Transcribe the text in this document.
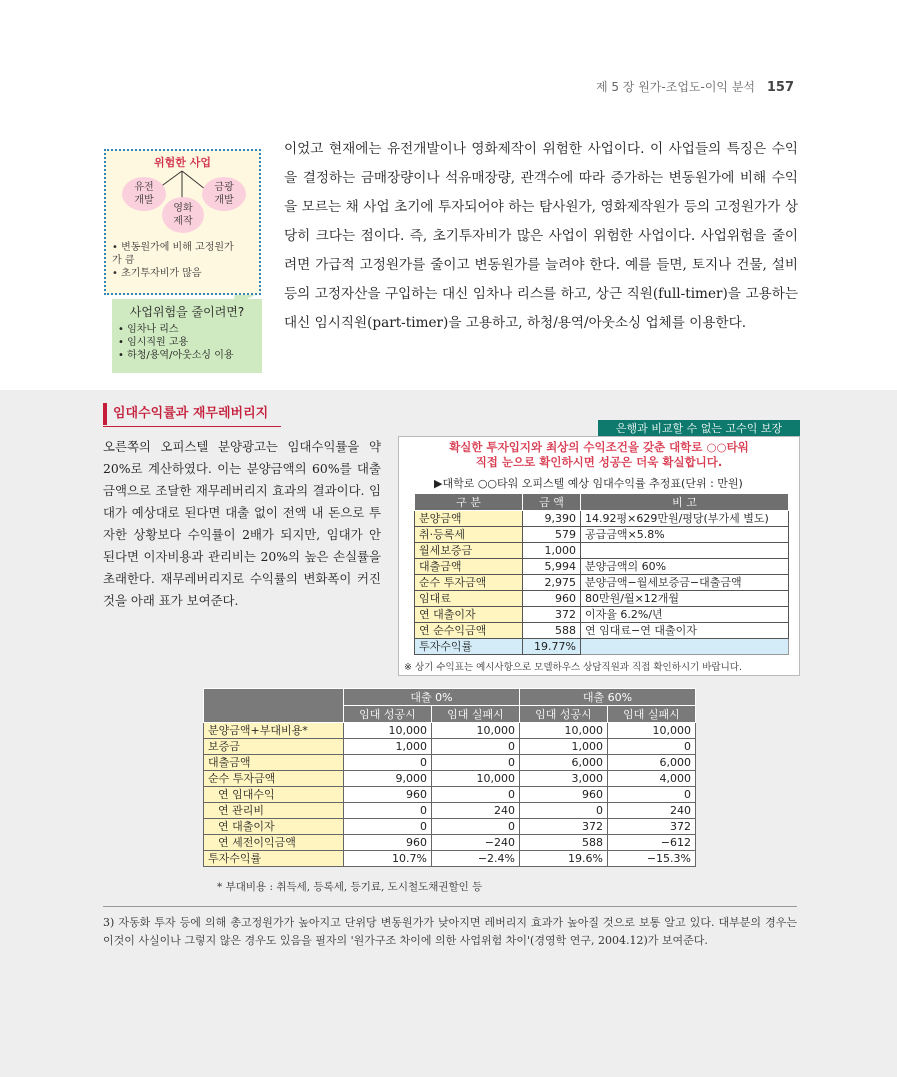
제 5 장 원가-조업도-이익 분석 157
위험한 사업
유전
개발
영화
제작
금광
개발
• 변동원가에 비해 고정원가
가 큼
• 초기투자비가 많음
사업위험을 줄이려면?
• 임차나 리스
• 임시직원 고용
• 하청/용역/아웃소싱 이용

이었고 현재에는 유전개발이나 영화제작이 위험한 사업이다. 이 사업들의 특징은 수익을 결정하는 금매장량이나 석유매장량, 관객수에 따라 증가하는 변동원가에 비해 수익을 모르는 채 사업 초기에 투자되어야 하는 탐사원가, 영화제작원가 등의 고정원가가 상당히 크다는 점이다. 즉, 초기투자비가 많은 사업이 위험한 사업이다. 사업위험을 줄이려면 가급적 고정원가를 줄이고 변동원가를 늘려야 한다. 예를 들면, 토지나 건물, 설비 등의 고정자산을 구입하는 대신 임차나 리스를 하고, 상근 직원(full-timer)을 고용하는 대신 임시직원(part-timer)을 고용하고, 하청/용역/아웃소싱 업체를 이용한다.

임대수익률과 재무레버리지

오른쪽의 오피스텔 분양광고는 임대수익률을 약 20%로 계산하였다. 이는 분양금액의 60%를 대출금액으로 조달한 재무레버리지 효과의 결과이다. 임대가 예상대로 된다면 대출 없이 전액 내 돈으로 투자한 상황보다 수익률이 2배가 되지만, 임대가 안 된다면 이자비용과 관리비는 20%의 높은 손실률을 초래한다. 재무레버리지로 수익률의 변화폭이 커진 것을 아래 표가 보여준다.

은행과 비교할 수 없는 고수익 보장
확실한 투자입지와 최상의 수익조건을 갖춘 대학로 ○○타워
직접 눈으로 확인하시면 성공은 더욱 확실합니다.
▶대학로 ○○타워 오피스텔 예상 임대수익률 추정표(단위 : 만원)
구 분	금 액	비 고
분양금액	9,390	14.92평×629만원/평당(부가세 별도)
취·등록세	579	공급금액×5.8%
월세보증금	1,000	
대출금액	5,994	분양금액의 60%
순수 투자금액	2,975	분양금액−월세보증금−대출금액
임대료	960	80만원/월×12개월
연 대출이자	372	이자율 6.2%/년
연 순수익금액	588	연 임대료−연 대출이자
투자수익률	19.77%	
※ 상기 수익표는 예시사항으로 모델하우스 상담직원과 직접 확인하시기 바랍니다.
	대출 0%		대출 60%	
	임대 성공시	임대 실패시	임대 성공시	임대 실패시
분양금액+부대비용*	10,000	10,000	10,000	10,000
보증금	1,000	0	1,000	0
대출금액	0	0	6,000	6,000
순수 투자금액	9,000	10,000	3,000	4,000
연 임대수익	960	0	960	0
연 관리비	0	240	0	240
연 대출이자	0	0	372	372
연 세전이익금액	960	−240	588	−612
투자수익률	10.7%	−2.4%	19.6%	−15.3%
* 부대비용 : 취득세, 등록세, 등기료, 도시철도채권할인 등

3) 자동화 투자 등에 의해 총고정원가가 높아지고 단위당 변동원가가 낮아지면 레버리지 효과가 높아질 것으로 보통 알고 있다. 대부분의 경우는 이것이 사실이나 그렇지 않은 경우도 있음을 필자의 '원가구조 차이에 의한 사업위험 차이'(경영학 연구, 2004.12)가 보여준다.
